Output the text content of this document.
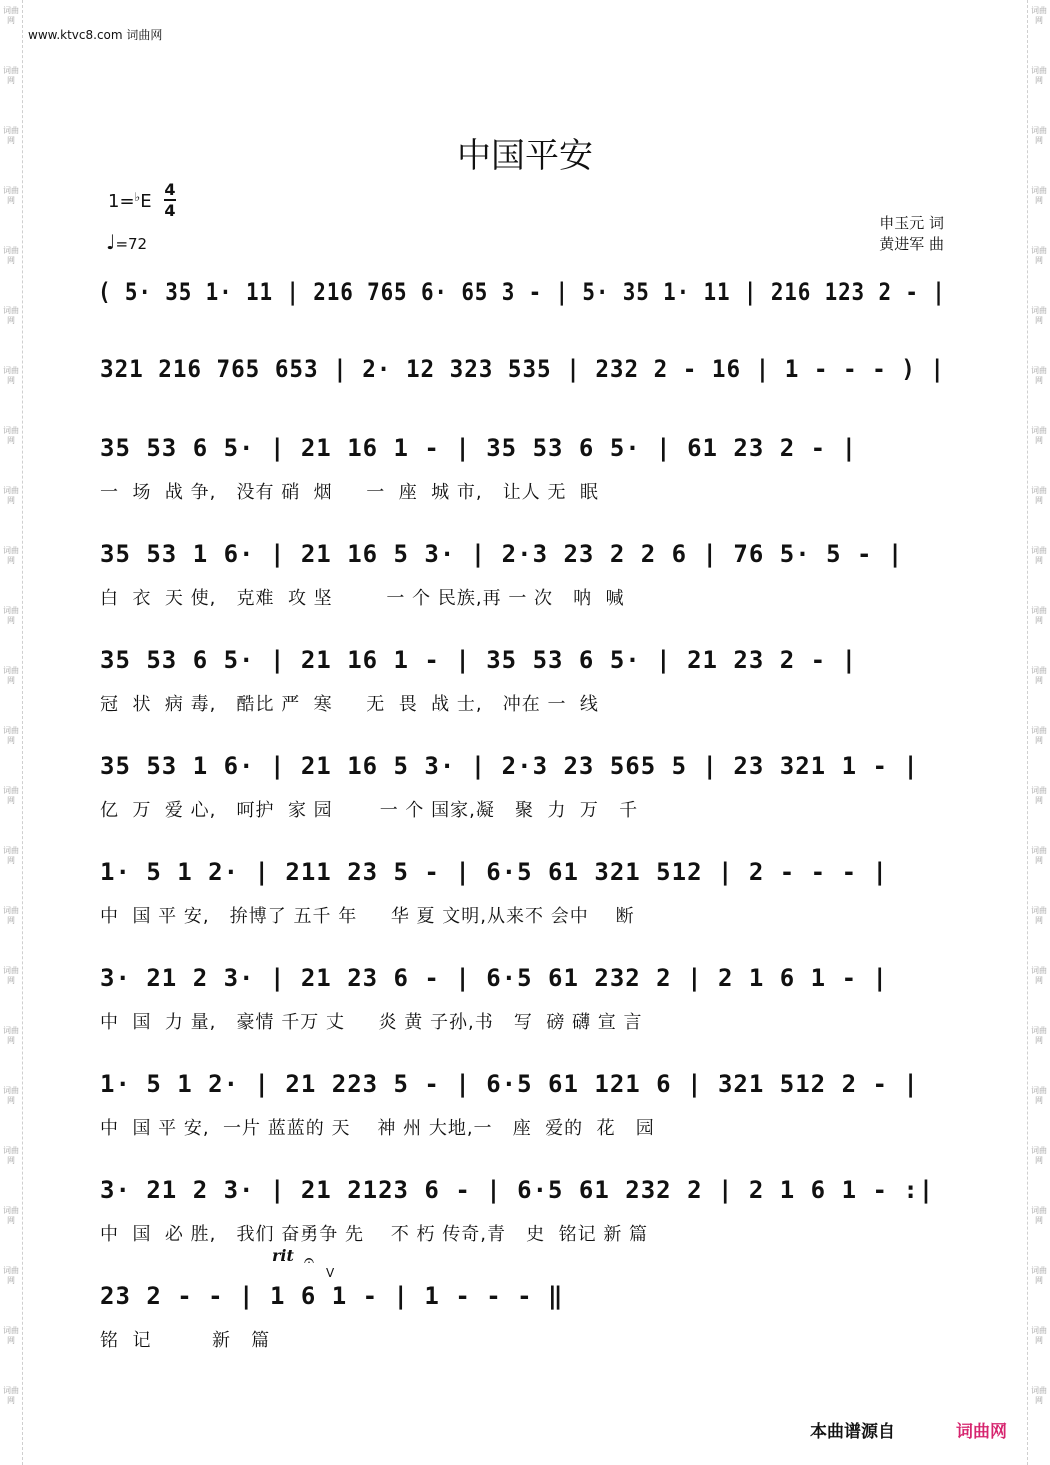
词曲网
词曲网
词曲网
词曲网
词曲网
词曲网
词曲网
词曲网
词曲网
词曲网
词曲网
词曲网
词曲网
词曲网
词曲网
词曲网
词曲网
词曲网
词曲网
词曲网
词曲网
词曲网
词曲网
词曲网
词曲网
词曲网
词曲网
词曲网
词曲网
词曲网
词曲网
词曲网
词曲网
词曲网
词曲网
词曲网
词曲网
词曲网
词曲网
词曲网
词曲网
词曲网
词曲网
词曲网
词曲网
词曲网
词曲网
词曲网
www.ktvc8.com 词曲网
中国平安
1=♭E
4
4
♩=72
申玉元 词
黄进军 曲
( 5· 35 1· 11 | 216 765 6· 65 3 - | 5· 35 1· 11 | 216 123 2 - |
321 216 765 653 | 2· 12 323 535 | 232 2 - 16 | 1 - - - ) |
35 53 6 5· | 21 16 1 - | 35 53 6 5· | 61 23 2 - |
一  场  战 争,   没有 硝  烟     一  座  城 市,   让人 无  眠
35 53 1 6· | 21 16 5 3· | 2·3 23 2 2 6 | 76 5· 5 - |
白  衣  天 使,   克难  攻 坚        一 个 民族,再 一 次   呐  喊
35 53 6 5· | 21 16 1 - | 35 53 6 5· | 21 23 2 - |
冠  状  病 毒,   酷比 严  寒     无  畏  战 士,   冲在 一  线
35 53 1 6· | 21 16 5 3· | 2·3 23 565 5 | 23 321 1 - |
亿  万  爱 心,   呵护  家 园       一 个 国家,凝   聚  力  万   千
1· 5 1 2· | 211 23 5 - | 6·5 61 321 512 | 2 - - - |
中  国 平 安,   拚博了 五千 年     华 夏 文明,从来不 会中    断
3· 21 2 3· | 21 23 6 - | 6·5 61 232 2 | 2 1 6 1 - |
中  国  力 量,   豪情 千万 丈     炎 黄 子孙,书   写  磅 礴 宣 言
1· 5 1 2· | 21 223 5 - | 6·5 61 121 6 | 321 512 2 - |
中  国 平 安,  一片 蓝蓝的 天    神 州 大地,一   座  爱的  花   园
3· 21 2 3· | 21 2123 6 - | 6·5 61 232 2 | 2 1 6 1 - :|
中  国  必 胜,   我们 奋勇争 先    不 朽 传奇,青   史  铭记 新 篇
23 2 - - | 1 6 1 - | 1 - - - ‖
铭  记         新   篇
rit 𝄐
V
本曲谱源自	词曲网
